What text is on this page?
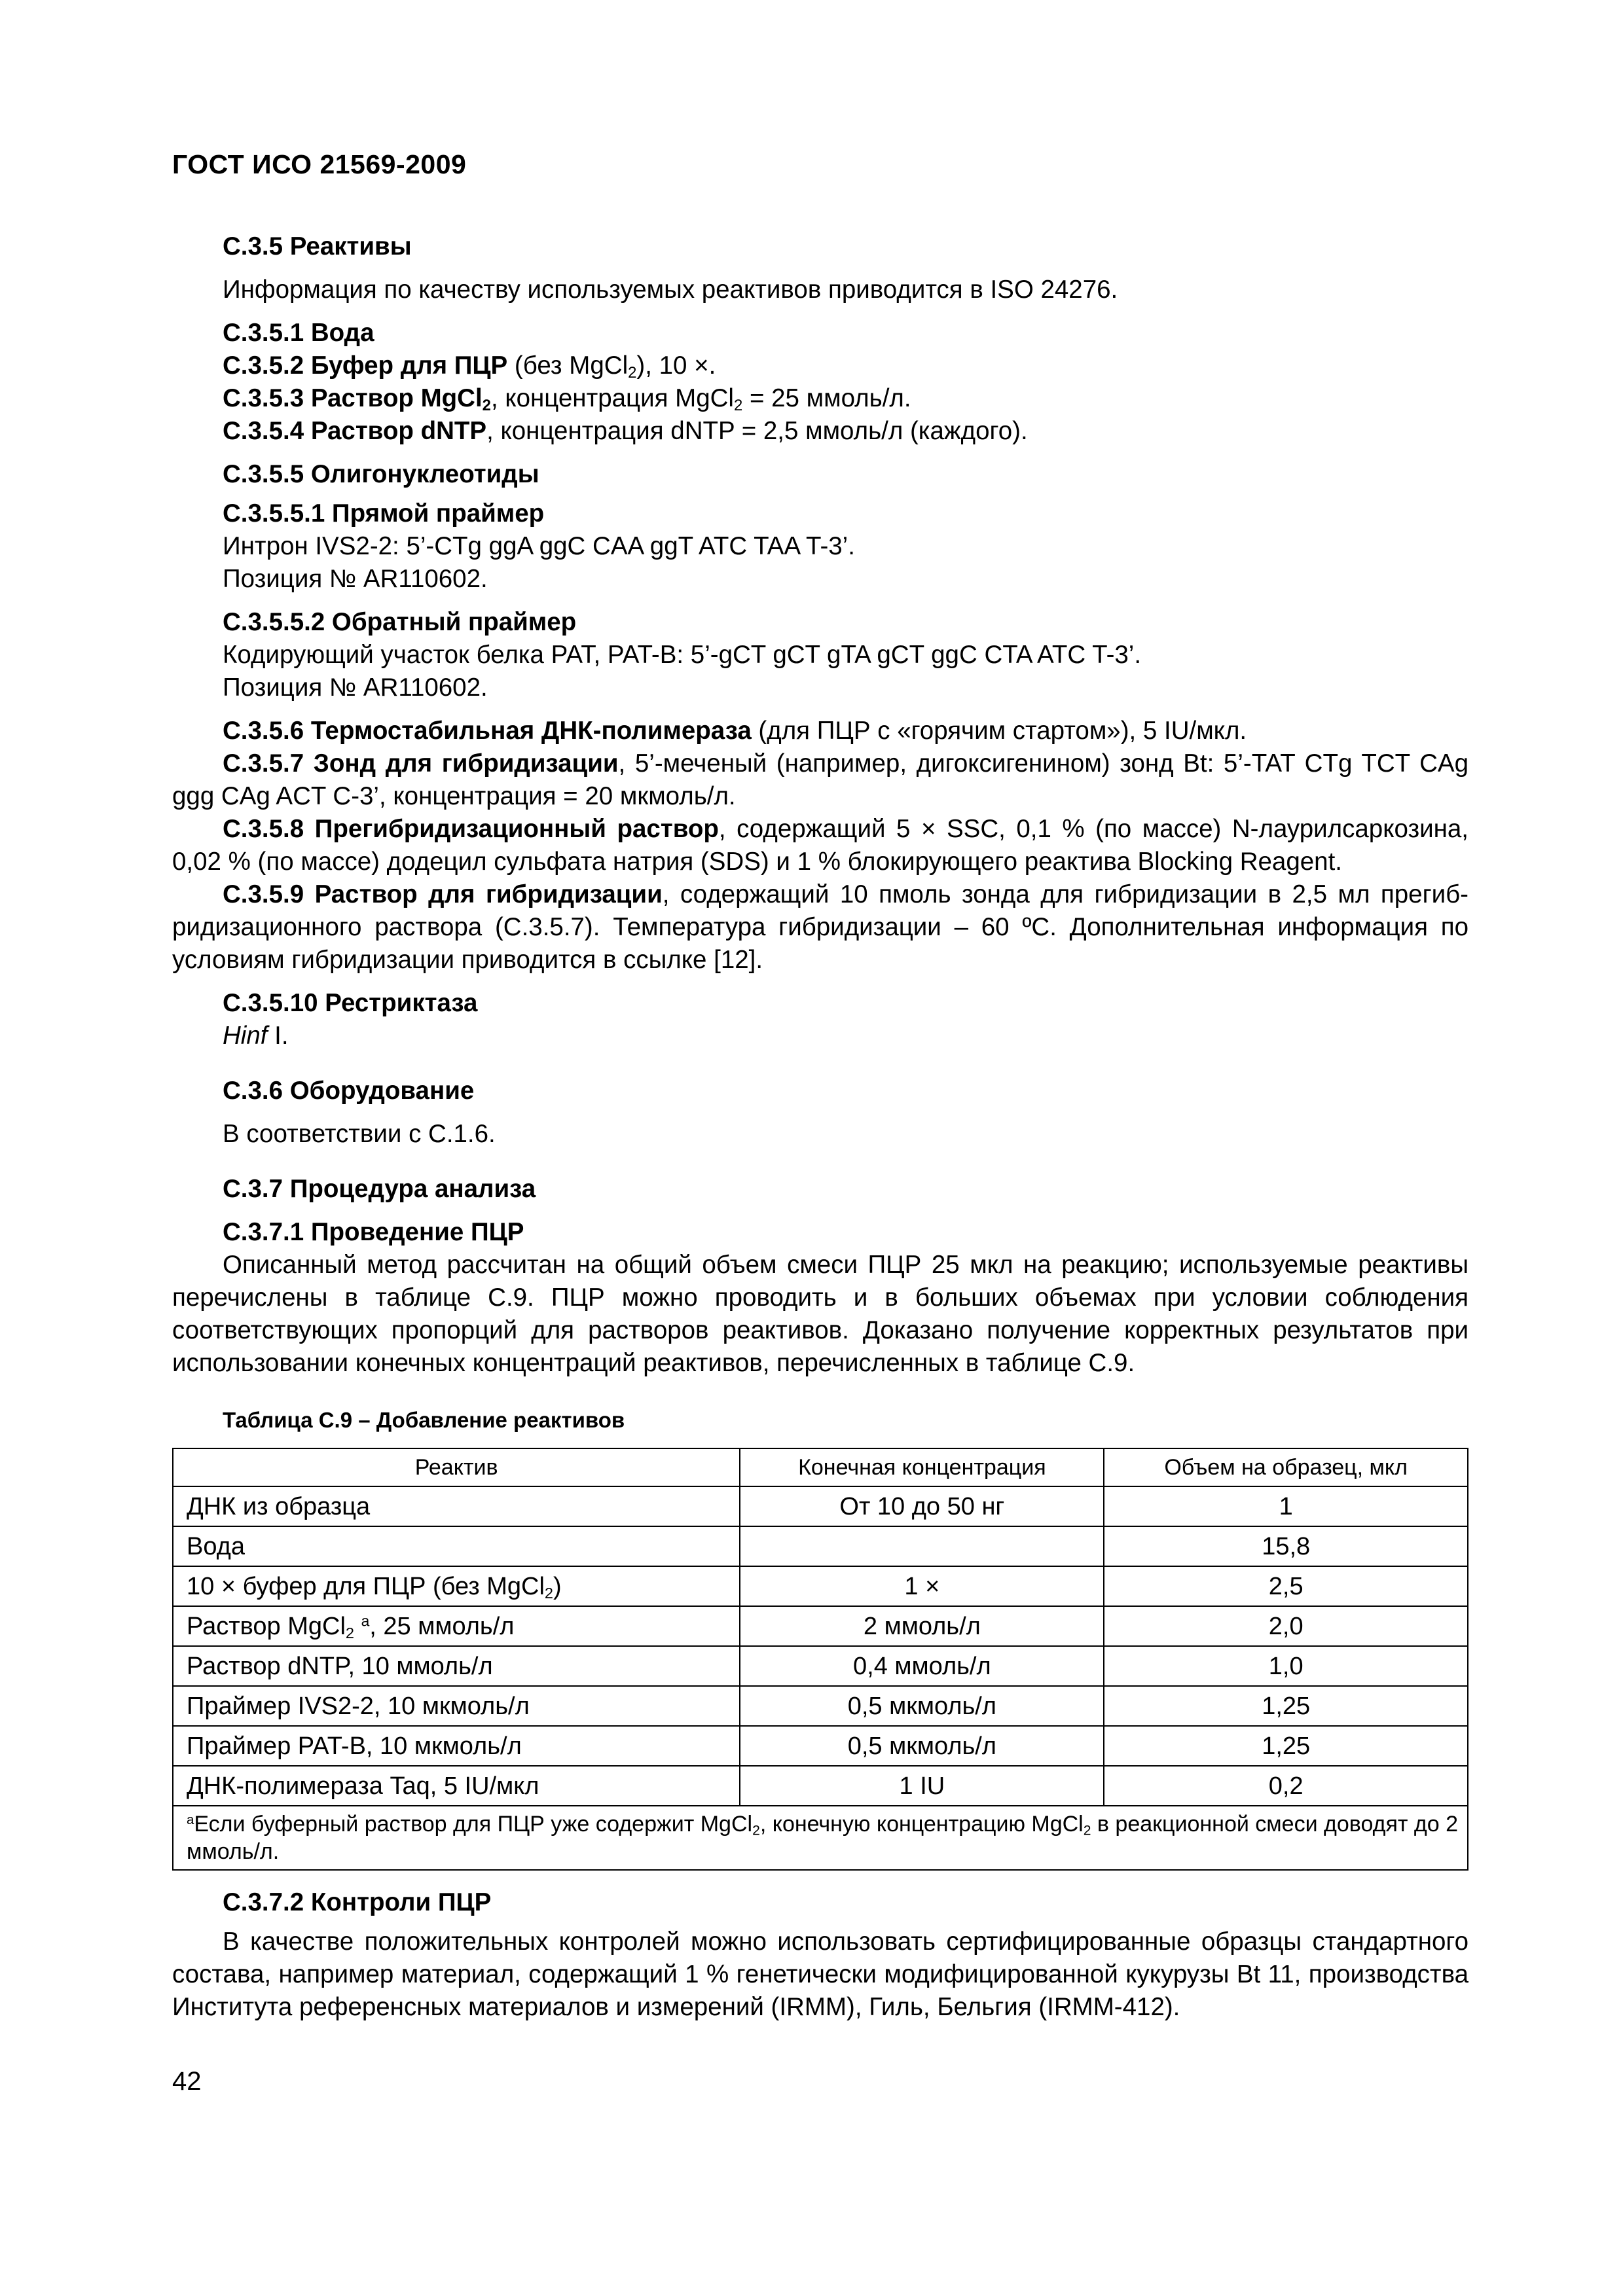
ГОСТ ИСО 21569-2009

С.3.5 Реактивы

Информация по качеству используемых реактивов приводится в ISO 24276.

С.3.5.1 Вода

С.3.5.2 Буфер для ПЦР (без MgCl$_2$), 10 ×.

С.3.5.3 Раствор MgCl$_2$, концентрация MgCl$_2$ = 25 ммоль/л.

С.3.5.4 Раствор dNTP, концентрация dNTP = 2,5 ммоль/л (каждого).

С.3.5.5 Олигонуклеотиды

С.3.5.5.1 Прямой праймер

Интрон IVS2-2: 5’-CTg ggA ggC CAA ggT ATC TAA T-3’.

Позиция № AR110602.

С.3.5.5.2 Обратный праймер

Кодирующий участок белка PAT, PAT-B: 5’-gCT gCT gTA gCT ggC CTA ATC T-3’.

Позиция № AR110602.

С.3.5.6 Термостабильная ДНК-полимераза (для ПЦР с «горячим стартом»), 5 IU/мкл.

С.3.5.7 Зонд для гибридизации, 5’-меченый (например, дигоксигенином) зонд Bt: 5’-TAT CTg TCT CAg ggg CAg ACT C-3’, концентрация = 20 мкмоль/л.

С.3.5.8 Прегибридизационный раствор, содержащий 5 × SSC, 0,1 % (по массе) N-лаурилсаркозина, 0,02 % (по массе) додецил сульфата натрия (SDS) и 1 % блокирующего реактива Blocking Reagent.

С.3.5.9 Раствор для гибридизации, содержащий 10 пмоль зонда для гибридизации в 2,5 мл прегибридизационного раствора (С.3.5.7). Температура гибридизации – 60 ºС. Дополнительная информация по условиям гибридизации приводится в ссылке [12].

С.3.5.10 Рестриктаза

Hinf I.

С.3.6 Оборудование

В соответствии с С.1.6.

С.3.7 Процедура анализа

С.3.7.1 Проведение ПЦР

Описанный метод рассчитан на общий объем смеси ПЦР 25 мкл на реакцию; используемые реактивы перечислены в таблице С.9. ПЦР можно проводить и в больших объемах при условии соблюдения соответствующих пропорций для растворов реактивов. Доказано получение корректных результатов при использовании конечных концентраций реактивов, перечисленных в таблице С.9.

Таблица С.9 – Добавление реактивов

Реактив	Конечная концентрация	Объем на образец, мкл
ДНК из образца	От 10 до 50 нг	1
Вода		15,8
10 × буфер для ПЦР (без MgCl$_2$)	1 ×	2,5
Раствор MgCl$_2$ $^а$, 25 ммоль/л	2 ммоль/л	2,0
Раствор dNTP, 10 ммоль/л	0,4 ммоль/л	1,0
Праймер IVS2-2, 10 мкмоль/л	0,5 мкмоль/л	1,25
Праймер PAT-B, 10 мкмоль/л	0,5 мкмоль/л	1,25
ДНК-полимераза Taq, 5 IU/мкл	1 IU	0,2
$^а$Если буферный раствор для ПЦР уже содержит MgCl$_2$, конечную концентрацию MgCl$_2$ в реакционной смеси доводят до 2 ммоль/л.		

С.3.7.2 Контроли ПЦР

В качестве положительных контролей можно использовать сертифицированные образцы стандартного состава, например материал, содержащий 1 % генетически модифицированной кукурузы Bt 11, производства Института референсных материалов и измерений (IRMM), Гиль, Бельгия (IRMM-412).

42
